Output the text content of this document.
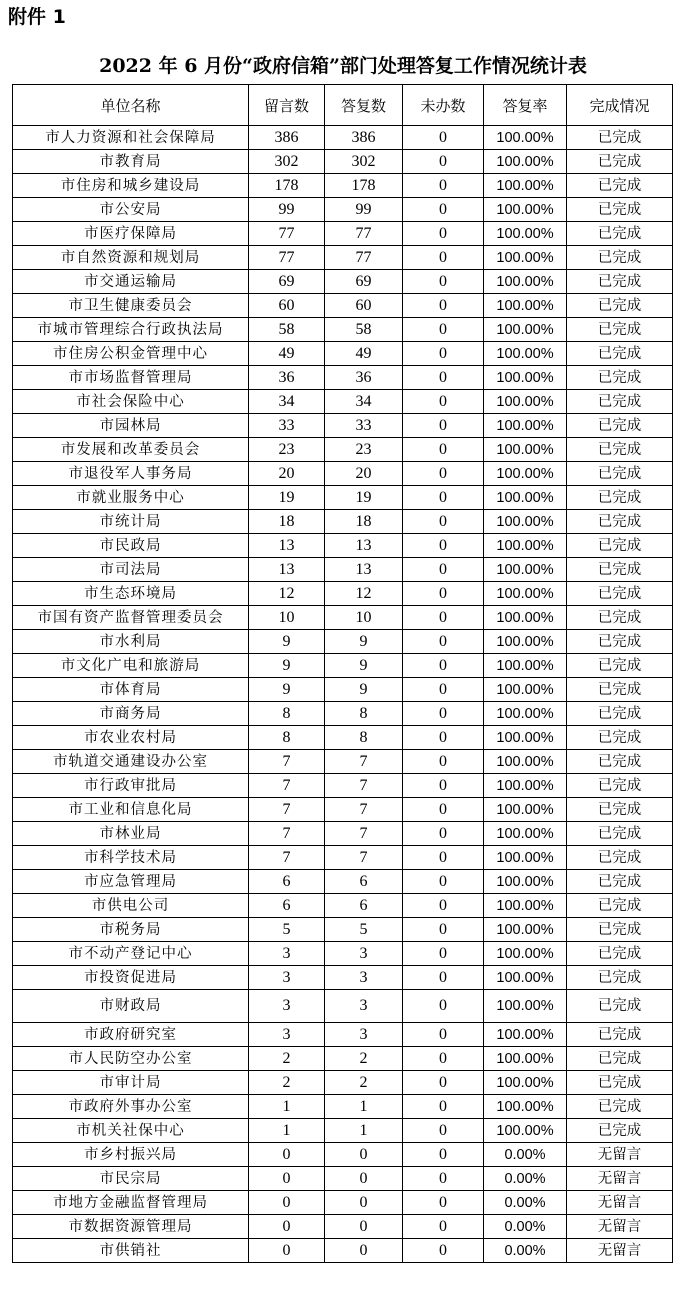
附件 1
2022 年 6 月份“政府信箱”部门处理答复工作情况统计表
单位名称	留言数	答复数	未办数	答复率	完成情况
市人力资源和社会保障局	386	386	0	100.00%	已完成
市教育局	302	302	0	100.00%	已完成
市住房和城乡建设局	178	178	0	100.00%	已完成
市公安局	99	99	0	100.00%	已完成
市医疗保障局	77	77	0	100.00%	已完成
市自然资源和规划局	77	77	0	100.00%	已完成
市交通运输局	69	69	0	100.00%	已完成
市卫生健康委员会	60	60	0	100.00%	已完成
市城市管理综合行政执法局	58	58	0	100.00%	已完成
市住房公积金管理中心	49	49	0	100.00%	已完成
市市场监督管理局	36	36	0	100.00%	已完成
市社会保险中心	34	34	0	100.00%	已完成
市园林局	33	33	0	100.00%	已完成
市发展和改革委员会	23	23	0	100.00%	已完成
市退役军人事务局	20	20	0	100.00%	已完成
市就业服务中心	19	19	0	100.00%	已完成
市统计局	18	18	0	100.00%	已完成
市民政局	13	13	0	100.00%	已完成
市司法局	13	13	0	100.00%	已完成
市生态环境局	12	12	0	100.00%	已完成
市国有资产监督管理委员会	10	10	0	100.00%	已完成
市水利局	9	9	0	100.00%	已完成
市文化广电和旅游局	9	9	0	100.00%	已完成
市体育局	9	9	0	100.00%	已完成
市商务局	8	8	0	100.00%	已完成
市农业农村局	8	8	0	100.00%	已完成
市轨道交通建设办公室	7	7	0	100.00%	已完成
市行政审批局	7	7	0	100.00%	已完成
市工业和信息化局	7	7	0	100.00%	已完成
市林业局	7	7	0	100.00%	已完成
市科学技术局	7	7	0	100.00%	已完成
市应急管理局	6	6	0	100.00%	已完成
市供电公司	6	6	0	100.00%	已完成
市税务局	5	5	0	100.00%	已完成
市不动产登记中心	3	3	0	100.00%	已完成
市投资促进局	3	3	0	100.00%	已完成
市财政局	3	3	0	100.00%	已完成
市政府研究室	3	3	0	100.00%	已完成
市人民防空办公室	2	2	0	100.00%	已完成
市审计局	2	2	0	100.00%	已完成
市政府外事办公室	1	1	0	100.00%	已完成
市机关社保中心	1	1	0	100.00%	已完成
市乡村振兴局	0	0	0	0.00%	无留言
市民宗局	0	0	0	0.00%	无留言
市地方金融监督管理局	0	0	0	0.00%	无留言
市数据资源管理局	0	0	0	0.00%	无留言
市供销社	0	0	0	0.00%	无留言
